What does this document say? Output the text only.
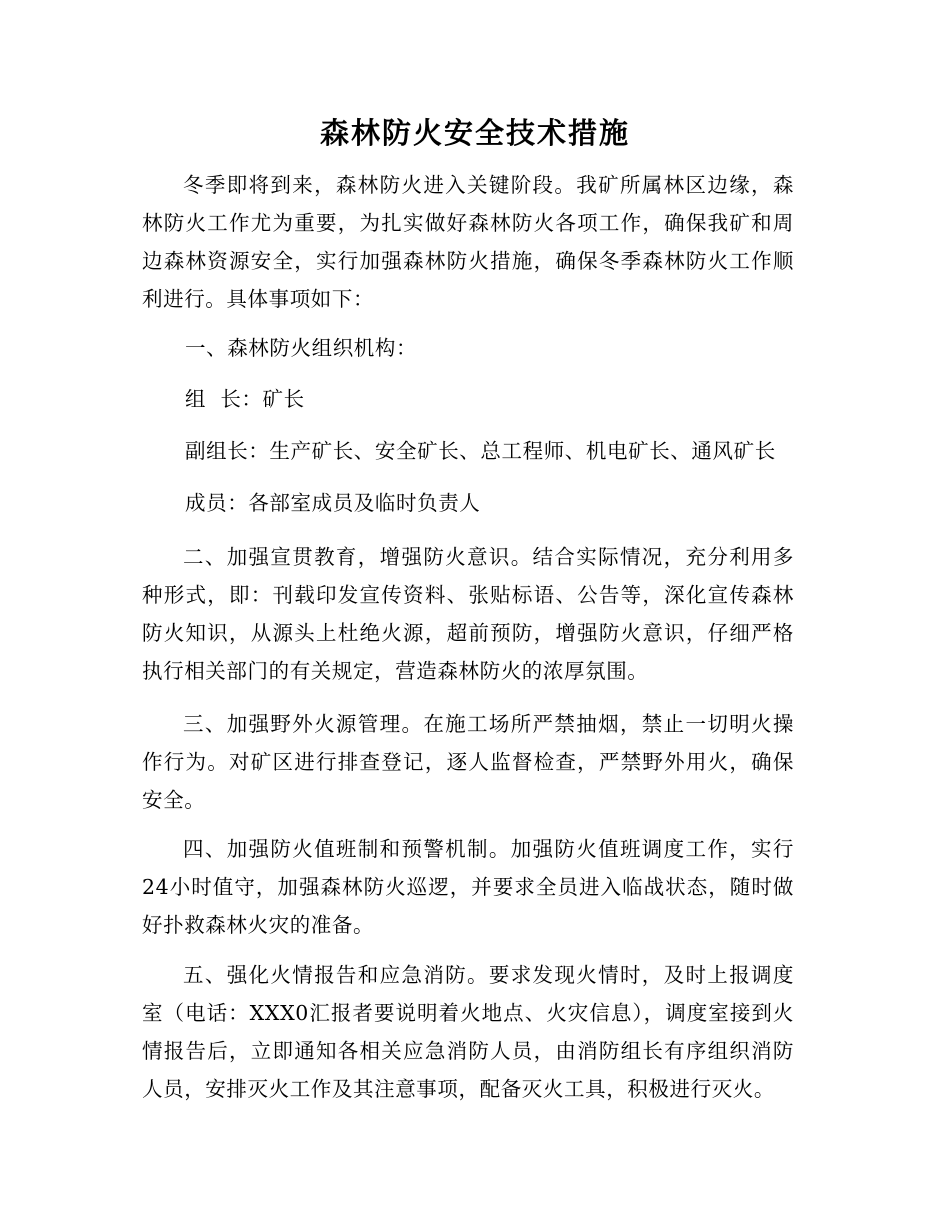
森林防火安全技术措施

冬季即将到来，森林防火进入关键阶段。我矿所属林区边缘，森林防火工作尤为重要，为扎实做好森林防火各项工作，确保我矿和周边森林资源安全，实行加强森林防火措施，确保冬季森林防火工作顺利进行。具体事项如下：

一、森林防火组织机构：

组  长：矿长

副组长：生产矿长、安全矿长、总工程师、机电矿长、通风矿长

成员：各部室成员及临时负责人

二、加强宣贯教育，增强防火意识。结合实际情况，充分利用多种形式，即：刊载印发宣传资料、张贴标语、公告等，深化宣传森林防火知识，从源头上杜绝火源，超前预防，增强防火意识，仔细严格执行相关部门的有关规定，营造森林防火的浓厚氛围。

三、加强野外火源管理。在施工场所严禁抽烟，禁止一切明火操作行为。对矿区进行排查登记，逐人监督检查，严禁野外用火，确保安全。

四、加强防火值班制和预警机制。加强防火值班调度工作，实行24小时值守，加强森林防火巡逻，并要求全员进入临战状态，随时做好扑救森林火灾的准备。

五、强化火情报告和应急消防。要求发现火情时，及时上报调度室（电话：XXX0汇报者要说明着火地点、火灾信息），调度室接到火情报告后，立即通知各相关应急消防人员，由消防组长有序组织消防人员，安排灭火工作及其注意事项，配备灭火工具，积极进行灭火。
